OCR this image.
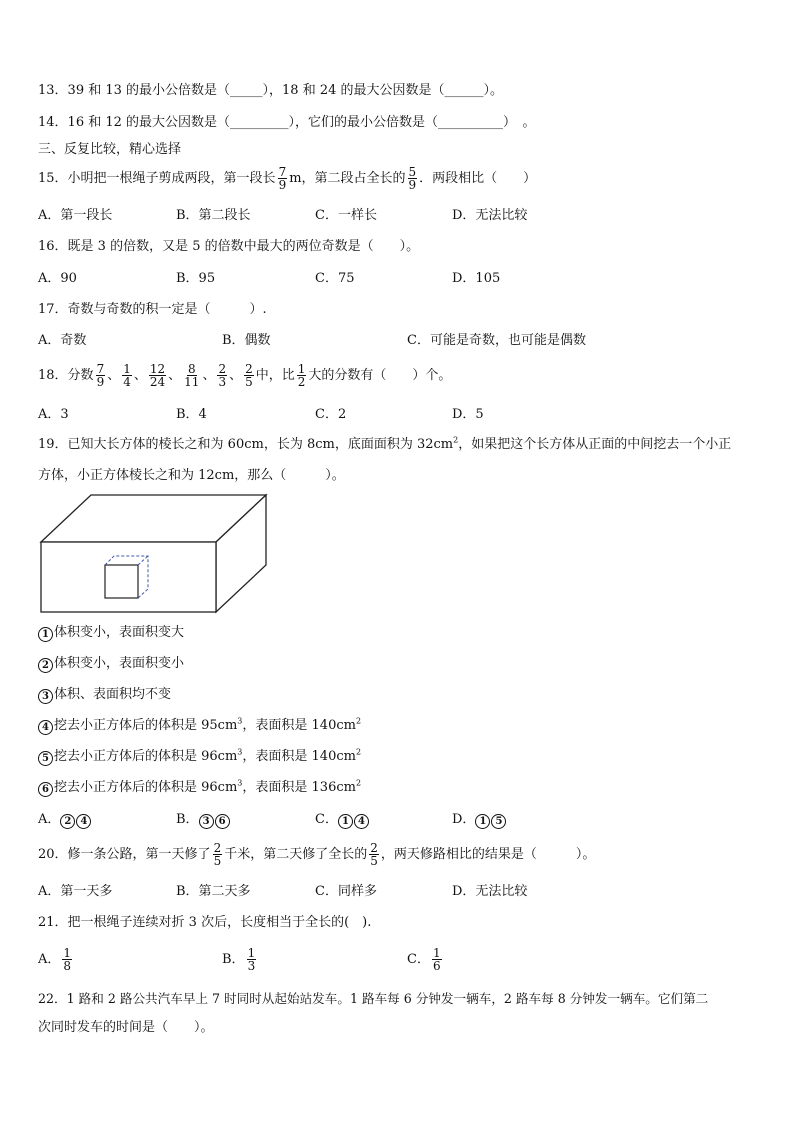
13．39 和 13 的最小公倍数是（_____），18 和 24 的最大公因数是（______）。
14．16 和 12 的最大公因数是（_________），它们的最小公倍数是（__________）　。
三、反复比较，精心选择
15．小明把一根绳子剪成两段，第一段长 $\frac{7}{9}$ m，第二段占全长的 $\frac{5}{9}$ ．两段相比（　　）
A．第一段长	B．第二段长	C．一样长	D．无法比较
16．既是 3 的倍数，又是 5 的倍数中最大的两位奇数是（　　）。
A．90	B．95	C．75	D．105
17．奇数与奇数的积一定是（　　　）.
A．奇数	B．偶数	C．可能是奇数，也可能是偶数
18．分数 $\frac{7}{9}$ 、 $\frac{1}{4}$ 、 $\frac{12}{24}$ 、 $\frac{8}{11}$ 、 $\frac{2}{3}$ 、 $\frac{2}{5}$ 中，比 $\frac{1}{2}$ 大的分数有（　　）个。
A．3	B．4	C．2	D．5
19．已知大长方体的棱长之和为 60cm，长为 8cm，底面面积为 $32cm^2$，如果把这个长方体从正面的中间挖去一个小正
方体，小正方体棱长之和为 12cm，那么（　　　）。
1 体积变小，表面积变大
2 体积变小，表面积变小
3 体积、表面积均不变
4 挖去小正方体后的体积是 $95cm^3$，表面积是 $140cm^2$
5 挖去小正方体后的体积是 $96cm^3$，表面积是 $140cm^2$
6 挖去小正方体后的体积是 $96cm^3$，表面积是 $136cm^2$
A． 2 4	B． 3 6	C． 1 4	D． 1 5
20．修一条公路，第一天修了 $\frac{2}{5}$ 千米，第二天修了全长的 $\frac{2}{5}$ ，两天修路相比的结果是（　　　）。
A．第一天多	B．第二天多	C．同样多	D．无法比较
21．把一根绳子连续对折 3 次后，长度相当于全长的(　).
A． $\frac{1}{8}$	B． $\frac{1}{3}$	C． $\frac{1}{6}$
22．1 路和 2 路公共汽车早上 7 时同时从起始站发车。1 路车每 6 分钟发一辆车，2 路车每 8 分钟发一辆车。它们第二
次同时发车的时间是（　　）。
